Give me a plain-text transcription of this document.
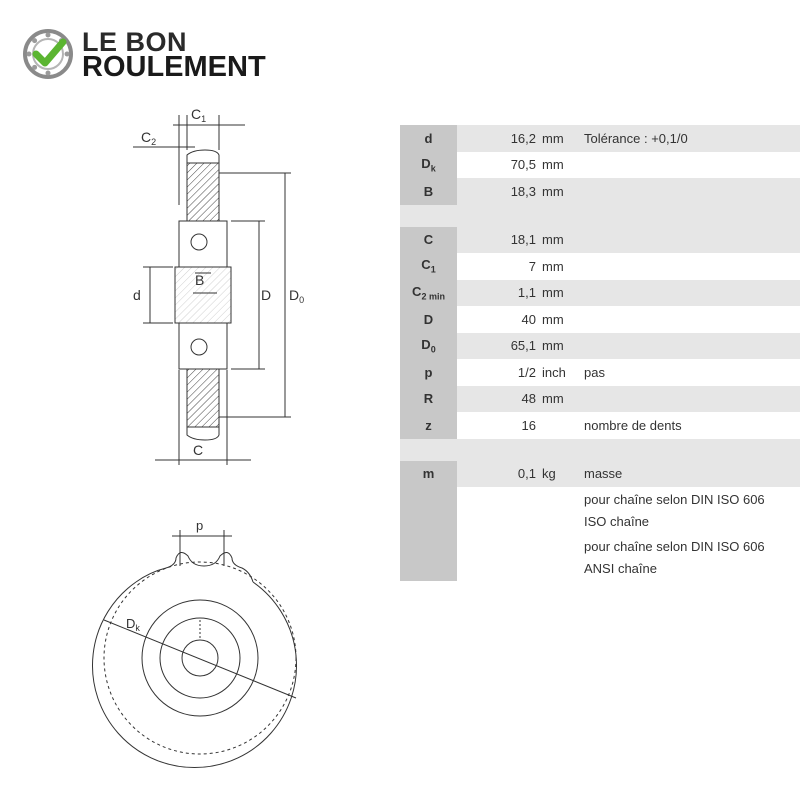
LE BON
ROULEMENT
$C_1$
$C_2$
d
B
D $D_0$
C
p
$D_k$
d	16,2	mm	Tolérance : +0,1/0
$D_k$	70,5	mm	
B	18,3	mm	

C	18,1	mm	
$C_1$	7	mm	
$C_{2 min}$	1,1	mm	
D	40	mm	
$D_0$	65,1	mm	
p	1/2	inch	pas
R	48	mm	
z	16		nombre de dents

m	0,1	kg	masse

			pour chaîne selon DIN ISO 606
ISO chaîne

			pour chaîne selon DIN ISO 606
ANSI chaîne
